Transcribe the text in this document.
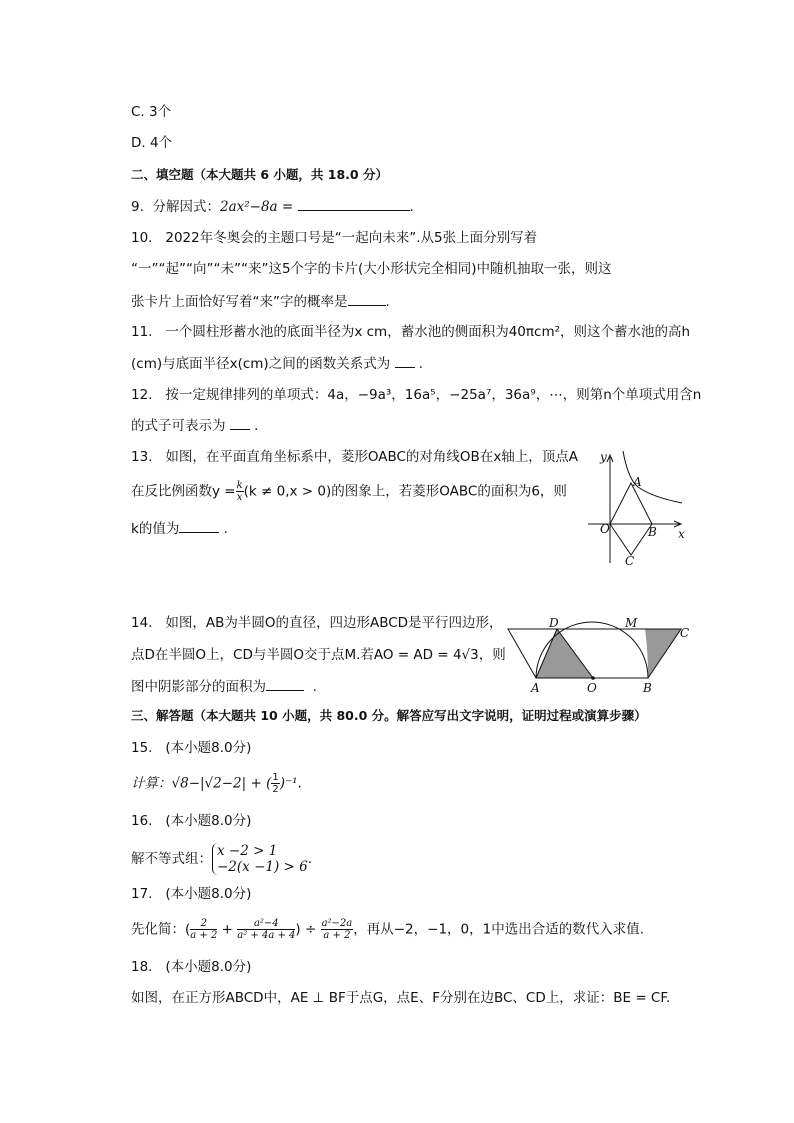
C. 3个
D. 4个
二、填空题（本大题共 6 小题，共 18.0 分）
9. 分解因式：2ax²−8a =	.
10. 2022年冬奥会的主题口号是“一起向未来”.从5张上面分别写着
“一”“起”“向”“未”“来”这5个字的卡片(大小形状完全相同)中随机抽取一张，则这
张卡片上面恰好写着“来”字的概率是	.
11. 一个圆柱形蓄水池的底面半径为x cm，蓄水池的侧面积为40πcm²，则这个蓄水池的高h
(cm)与底面半径x(cm)之间的函数关系式为 .
12. 按一定规律排列的单项式：4a，−9a³，16a⁵，−25a⁷，36a⁹，⋯，则第n个单项式用含n
的式子可表示为 .
13. 如图，在平面直角坐标系中，菱形OABC的对角线OB在x轴上，顶点A
在反比例函数$y = \frac{k}{x} (k \ne 0,x > 0)$的图象上，若菱形OABC的面积为6，则
k的值为	.
y
x
O
A
B
C
14. 如图，AB为半圆O的直径，四边形ABCD是平行四边形，
点D在半圆O上，CD与半圆O交于点M.若AO = AD = 4√3，则
图中阴影部分的面积为	.	A	B
C
D	M
O
三、解答题（本大题共 10 小题，共 80.0 分。解答应写出文字说明，证明过程或演算步骤）
15. (本小题8.0分)
计算：√8−|√2−2| + ( $\frac{1}{2} )^{-1}$.
16. (本小题8.0分)
解不等式组： x −2 > 1
−2(x −1) > 6 .
17. (本小题8.0分)
先化简：( $\frac{2}{a + 2} + \frac{\text{a²−4}}{\text{a² + 4a + 4}}$ ) ÷ $\frac{\text{a²−2a}}{a + 2}$ ，再从−2，−1，0，1中选出合适的数代入求值.
18. (本小题8.0分)
如图，在正方形ABCD中，AE ⊥ BF于点G，点E、F分别在边BC、CD上，求证：BE = CF.
